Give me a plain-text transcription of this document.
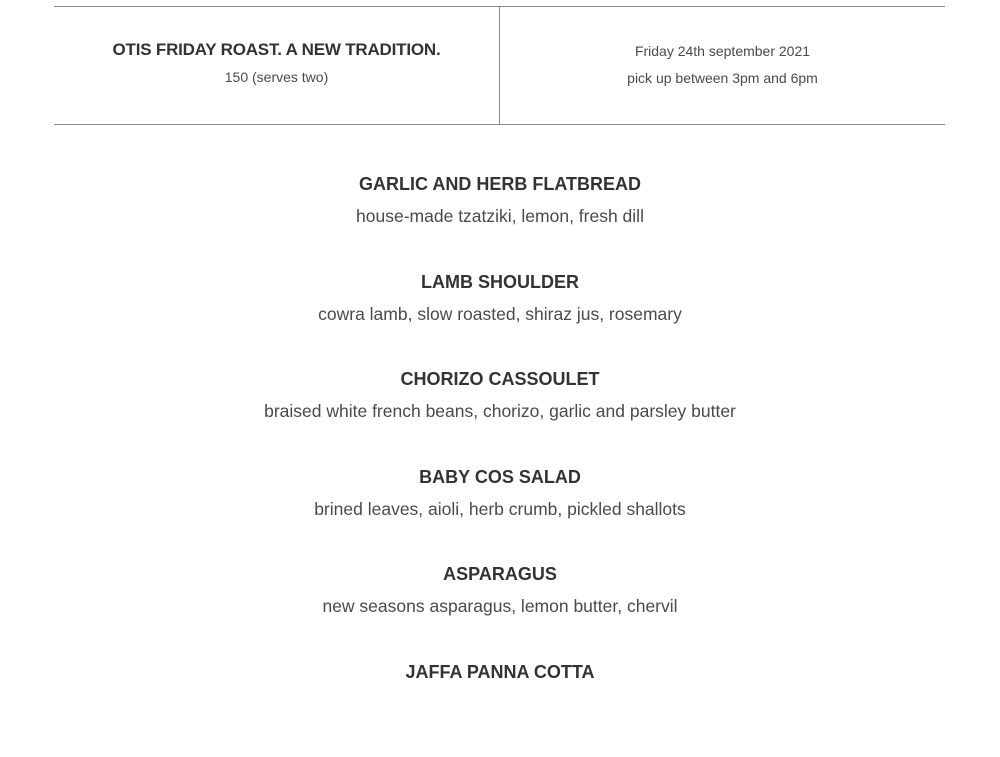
OTIS FRIDAY ROAST. A NEW TRADITION.
150 (serves two)
Friday 24th september 2021
pick up between 3pm and 6pm
GARLIC AND HERB FLATBREAD
house-made tzatziki, lemon, fresh dill
LAMB SHOULDER
cowra lamb, slow roasted, shiraz jus, rosemary
CHORIZO CASSOULET
braised white french beans, chorizo, garlic and parsley butter
BABY COS SALAD
brined leaves, aioli, herb crumb, pickled shallots
ASPARAGUS
new seasons asparagus, lemon butter, chervil
JAFFA PANNA COTTA
